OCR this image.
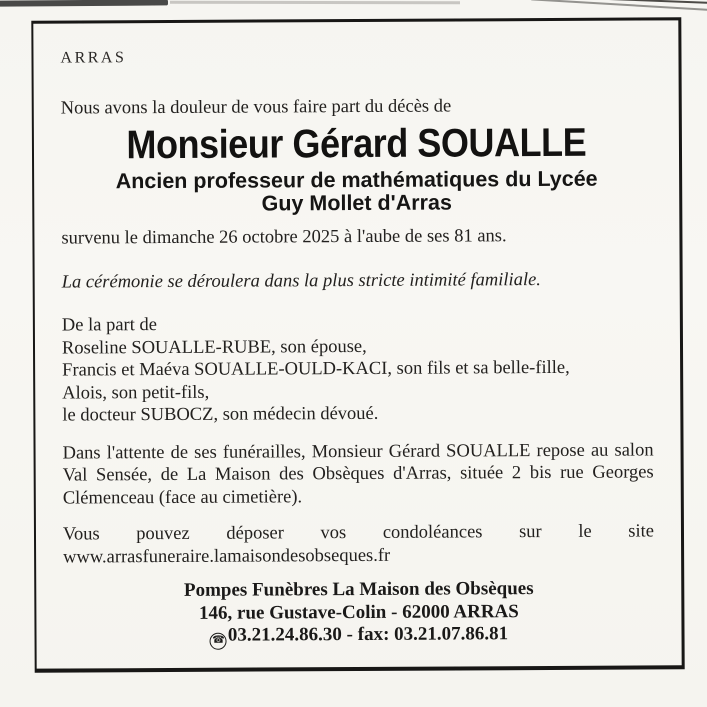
ARRAS

Nous avons la douleur de vous faire part du décès de

Monsieur Gérard SOUALLE
Ancien professeur de mathématiques du Lycée
Guy Mollet d'Arras

survenu le dimanche 26 octobre 2025 à l'aube de ses 81 ans.

La cérémonie se déroulera dans la plus stricte intimité familiale.

De la part de

Roseline SOUALLE-RUBE, son épouse,

Francis et Maéva SOUALLE-OULD-KACI, son fils et sa belle-fille,

Alois, son petit-fils,

le docteur SUBOCZ, son médecin dévoué.

Dans l'attente de ses funérailles, Monsieur Gérard SOUALLE repose au salon Val Sensée, de La Maison des Obsèques d'Arras, située 2 bis rue Georges Clémenceau (face au cimetière).

Vous pouvez déposer vos condoléances sur le site

www.arrasfuneraire.lamaisondesobseques.fr

Pompes Funèbres La Maison des Obsèques

146, rue Gustave-Colin - 62000 ARRAS

☎ 03.21.24.86.30 - fax: 03.21.07.86.81
